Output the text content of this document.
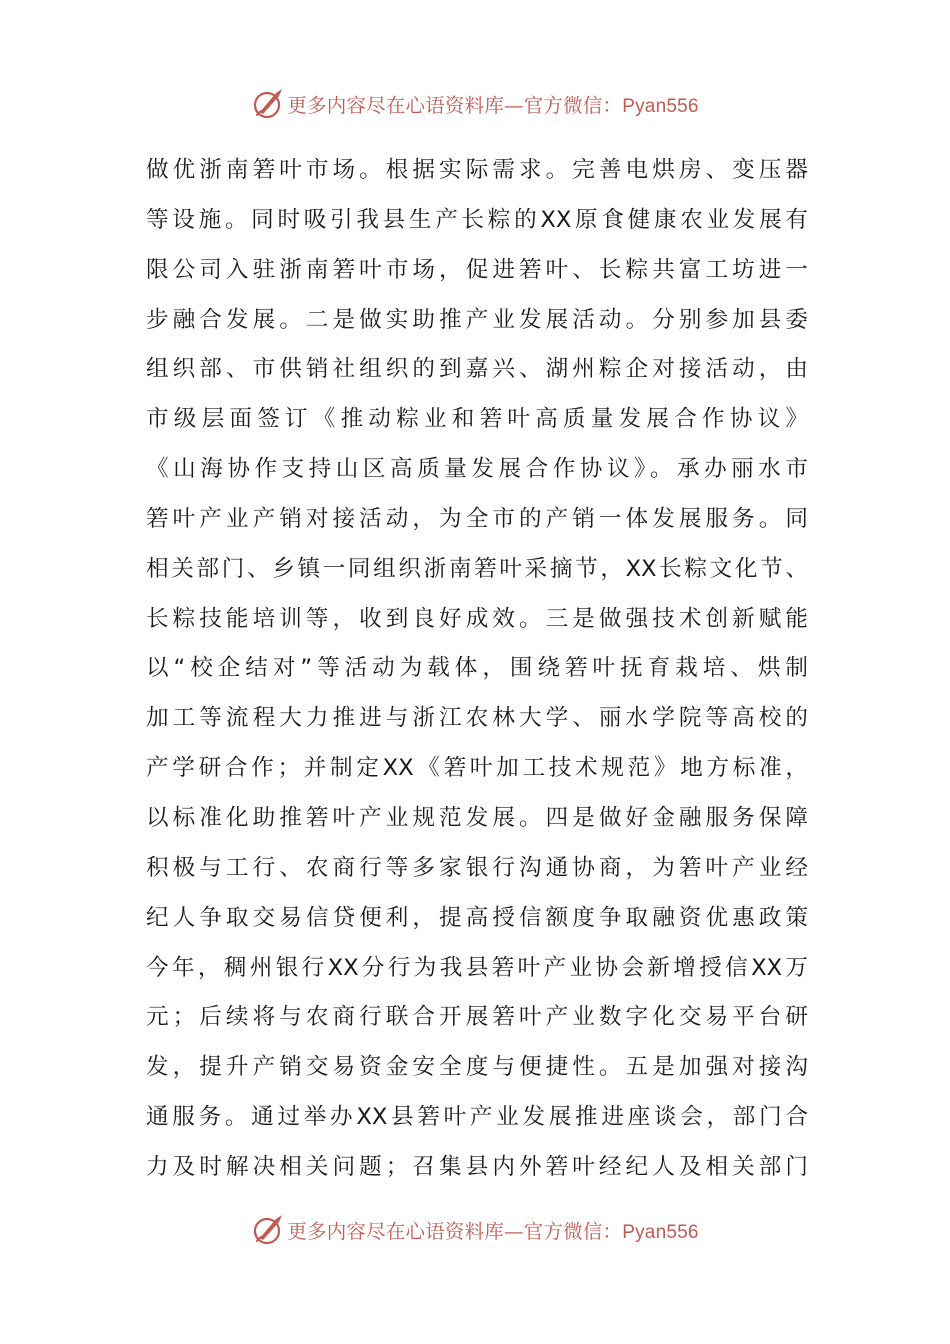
更多内容尽在心语资料库—官方微信：Pyan556
做优浙南箬叶市场。根据实际需求。完善电烘房、变压器
等设施。同时吸引我县生产长粽的XX原食健康农业发展有
限公司入驻浙南箬叶市场，促进箬叶、长粽共富工坊进一
步融合发展。二是做实助推产业发展活动。分别参加县委
组织部、市供销社组织的到嘉兴、湖州粽企对接活动，由
市级层面签订《推动粽业和箬叶高质量发展合作协议》
《山海协作支持山区高质量发展合作协议》。承办丽水市
箬叶产业产销对接活动，为全市的产销一体发展服务。同
相关部门、乡镇一同组织浙南箬叶采摘节，XX长粽文化节、
长粽技能培训等，收到良好成效。三是做强技术创新赋能
以“校企结对”等活动为载体，围绕箬叶抚育栽培、烘制
加工等流程大力推进与浙江农林大学、丽水学院等高校的
产学研合作；并制定XX《箬叶加工技术规范》地方标准，
以标准化助推箬叶产业规范发展。四是做好金融服务保障
积极与工行、农商行等多家银行沟通协商，为箬叶产业经
纪人争取交易信贷便利，提高授信额度争取融资优惠政策
今年，稠州银行XX分行为我县箬叶产业协会新增授信XX万
元；后续将与农商行联合开展箬叶产业数字化交易平台研
发，提升产销交易资金安全度与便捷性。五是加强对接沟
通服务。通过举办XX县箬叶产业发展推进座谈会，部门合
力及时解决相关问题；召集县内外箬叶经纪人及相关部门
更多内容尽在心语资料库—官方微信：Pyan556
